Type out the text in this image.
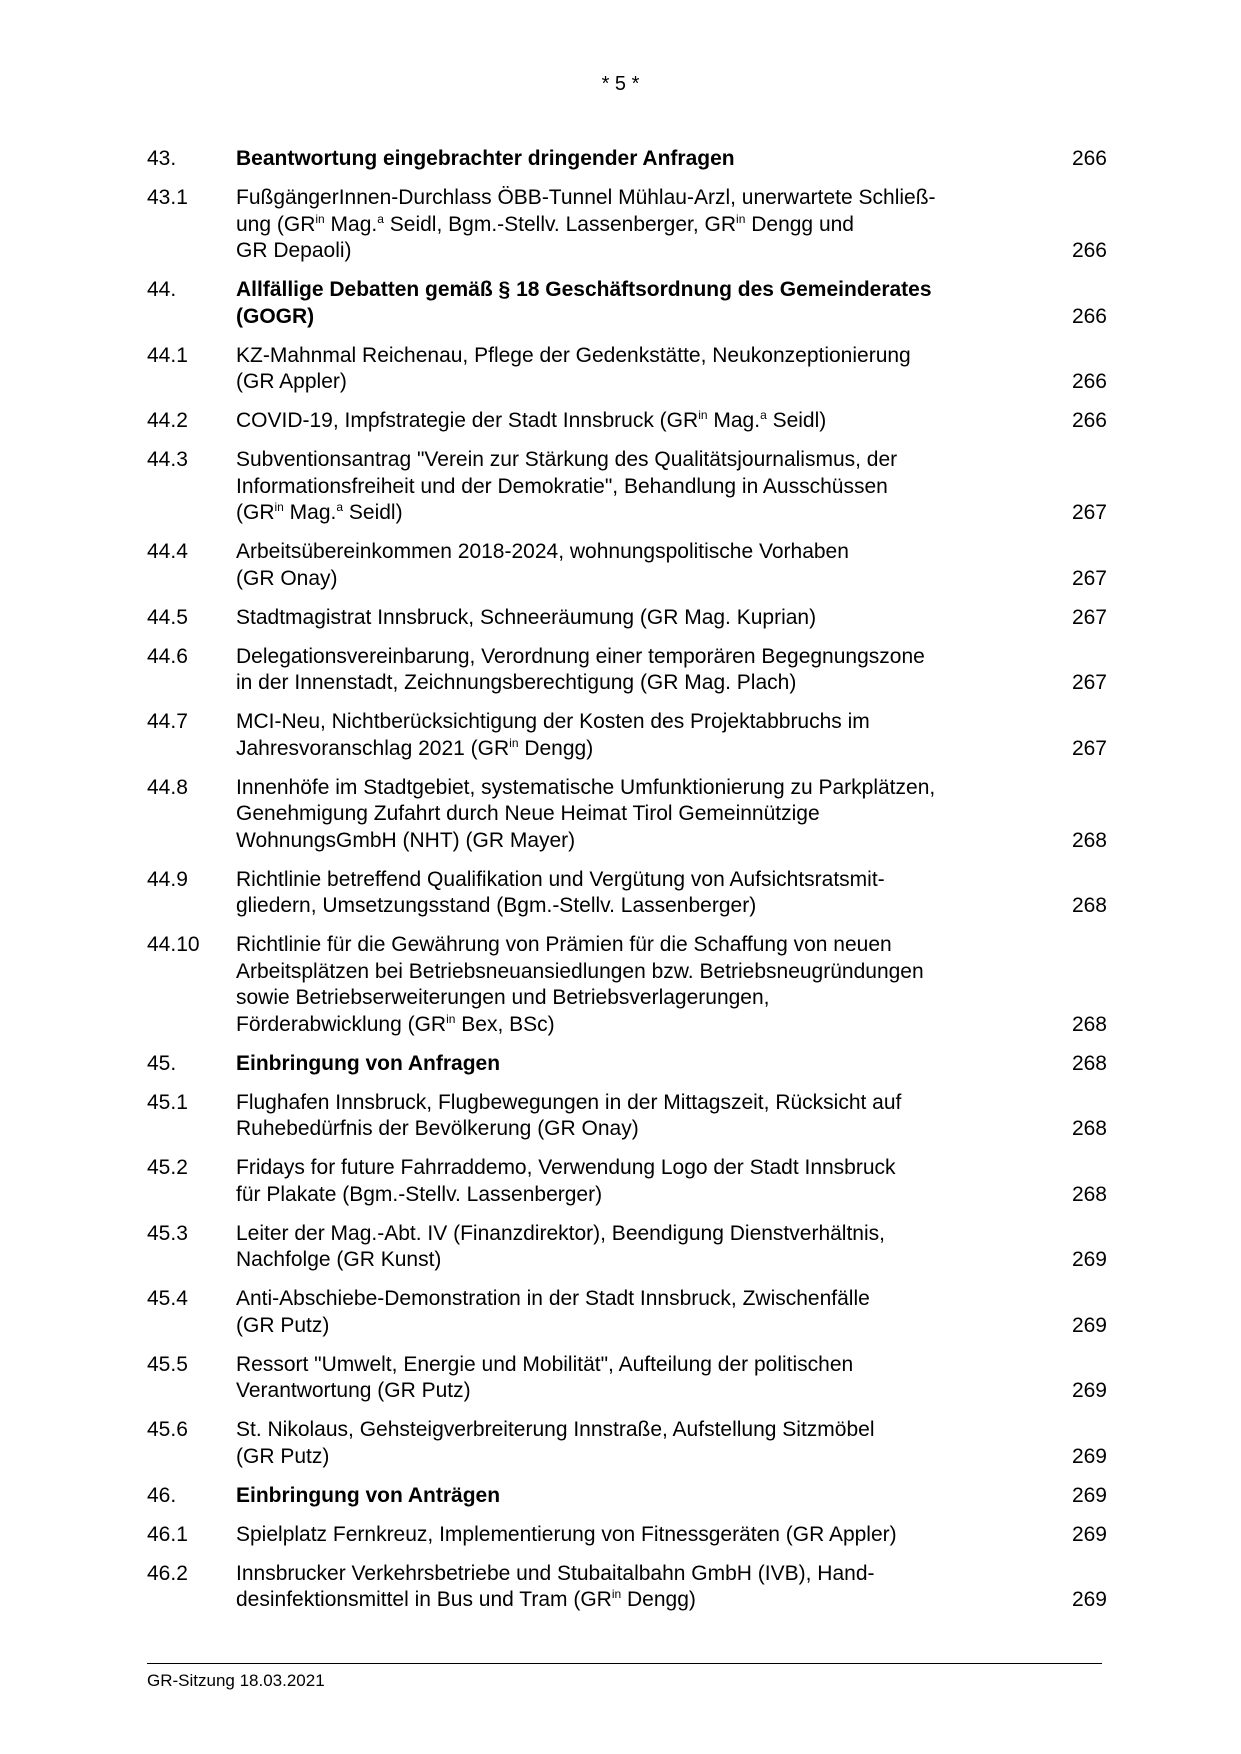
* 5 *
43.	Beantwortung eingebrachter dringender Anfragen	266
43.1	FußgängerInnen-Durchlass ÖBB-Tunnel Mühlau-Arzl, unerwartete Schließ-
ung ($GR^{in}$ Mag.$^a$ Seidl, Bgm.-Stellv. Lassenberger, $GR^{in}$ Dengg und
GR Depaoli)	266
44.	Allfällige Debatten gemäß § 18 Geschäftsordnung des Gemeinderates
(GOGR)	266
44.1	KZ-Mahnmal Reichenau, Pflege der Gedenkstätte, Neukonzeptionierung
(GR Appler)	266
44.2	COVID-19, Impfstrategie der Stadt Innsbruck ($GR^{in}$ Mag.$^a$ Seidl)	266
44.3	Subventionsantrag "Verein zur Stärkung des Qualitätsjournalismus, der
Informationsfreiheit und der Demokratie", Behandlung in Ausschüssen
($GR^{in}$ Mag.$^a$ Seidl)	267
44.4	Arbeitsübereinkommen 2018-2024, wohnungspolitische Vorhaben
(GR Onay)	267
44.5	Stadtmagistrat Innsbruck, Schneeräumung (GR Mag. Kuprian)	267
44.6	Delegationsvereinbarung, Verordnung einer temporären Begegnungszone
in der Innenstadt, Zeichnungsberechtigung (GR Mag. Plach)	267
44.7	MCI-Neu, Nichtberücksichtigung der Kosten des Projektabbruchs im
Jahresvoranschlag 2021 ($GR^{in}$ Dengg)	267
44.8	Innenhöfe im Stadtgebiet, systematische Umfunktionierung zu Parkplätzen,
Genehmigung Zufahrt durch Neue Heimat Tirol Gemeinnützige
WohnungsGmbH (NHT) (GR Mayer)	268
44.9	Richtlinie betreffend Qualifikation und Vergütung von Aufsichtsratsmit-
gliedern, Umsetzungsstand (Bgm.-Stellv. Lassenberger)	268
44.10	Richtlinie für die Gewährung von Prämien für die Schaffung von neuen
Arbeitsplätzen bei Betriebsneuansiedlungen bzw. Betriebsneugründungen
sowie Betriebserweiterungen und Betriebsverlagerungen,
Förderabwicklung ($GR^{in}$ Bex, BSc)	268
45.	Einbringung von Anfragen	268
45.1	Flughafen Innsbruck, Flugbewegungen in der Mittagszeit, Rücksicht auf
Ruhebedürfnis der Bevölkerung (GR Onay)	268
45.2	Fridays for future Fahrraddemo, Verwendung Logo der Stadt Innsbruck
für Plakate (Bgm.-Stellv. Lassenberger)	268
45.3	Leiter der Mag.-Abt. IV (Finanzdirektor), Beendigung Dienstverhältnis,
Nachfolge (GR Kunst)	269
45.4	Anti-Abschiebe-Demonstration in der Stadt Innsbruck, Zwischenfälle
(GR Putz)	269
45.5	Ressort "Umwelt, Energie und Mobilität", Aufteilung der politischen
Verantwortung (GR Putz)	269
45.6	St. Nikolaus, Gehsteigverbreiterung Innstraße, Aufstellung Sitzmöbel
(GR Putz)	269
46.	Einbringung von Anträgen	269
46.1	Spielplatz Fernkreuz, Implementierung von Fitnessgeräten (GR Appler)	269
46.2	Innsbrucker Verkehrsbetriebe und Stubaitalbahn GmbH (IVB), Hand-
desinfektionsmittel in Bus und Tram ($GR^{in}$ Dengg)	269
GR-Sitzung 18.03.2021
